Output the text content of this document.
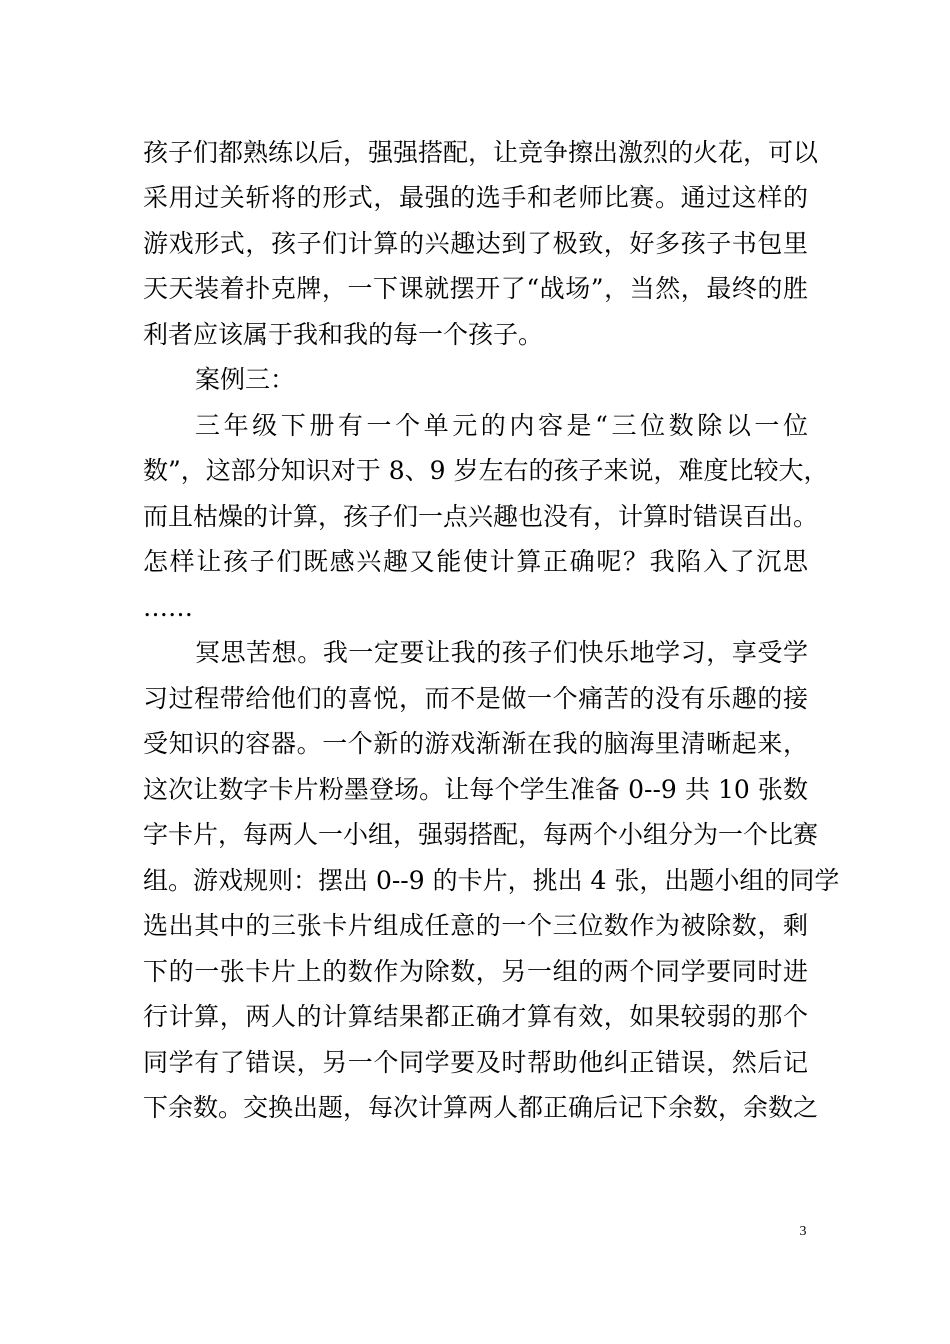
孩子们都熟练以后，强强搭配，让竞争擦出激烈的火花，可以
采用过关斩将的形式，最强的选手和老师比赛。通过这样的
游戏形式，孩子们计算的兴趣达到了极致，好多孩子书包里
天天装着扑克牌，一下课就摆开了“战场”，当然，最终的胜
利者应该属于我和我的每一个孩子。
案例三：
三年级下册有一个单元的内容是“三位数除以一位
数”，这部分知识对于 8、9 岁左右的孩子来说，难度比较大，
而且枯燥的计算，孩子们一点兴趣也没有，计算时错误百出。
怎样让孩子们既感兴趣又能使计算正确呢？我陷入了沉思
……
冥思苦想。我一定要让我的孩子们快乐地学习，享受学
习过程带给他们的喜悦，而不是做一个痛苦的没有乐趣的接
受知识的容器。一个新的游戏渐渐在我的脑海里清晰起来，
这次让数字卡片粉墨登场。让每个学生准备 0--9 共 10 张数
字卡片，每两人一小组，强弱搭配，每两个小组分为一个比赛
组。游戏规则：摆出 0--9 的卡片，挑出 4 张，出题小组的同学
选出其中的三张卡片组成任意的一个三位数作为被除数，剩
下的一张卡片上的数作为除数，另一组的两个同学要同时进
行计算，两人的计算结果都正确才算有效，如果较弱的那个
同学有了错误，另一个同学要及时帮助他纠正错误，然后记
下余数。交换出题，每次计算两人都正确后记下余数，余数之
3
